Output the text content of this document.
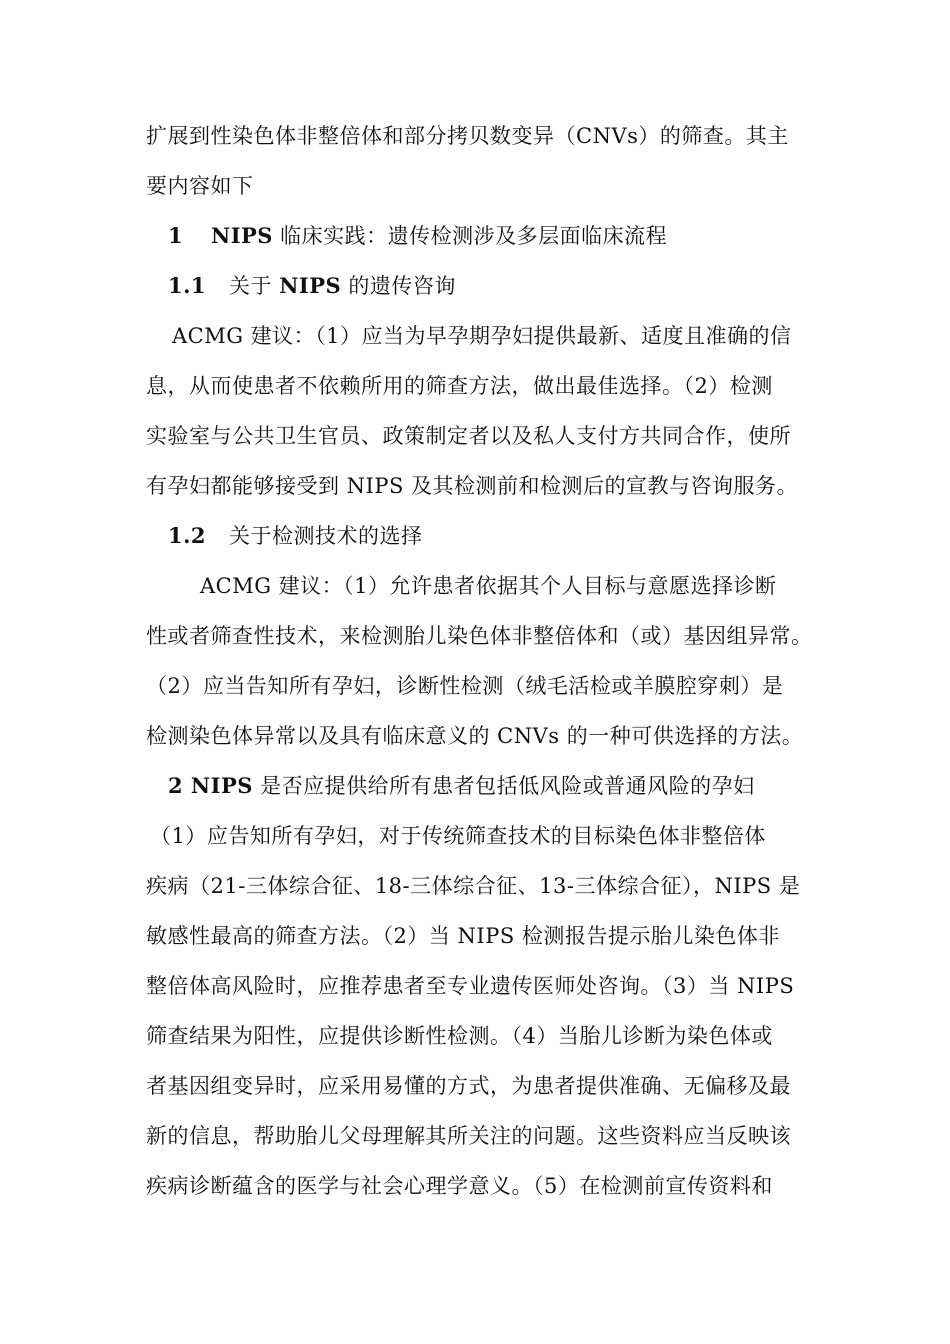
扩展到性染色体非整倍体和部分拷贝数变异（CNVs）的筛查。其主
要内容如下
1 NIPS 临床实践：遗传检测涉及多层面临床流程
1.1 关于 NIPS 的遗传咨询
ACMG 建议：（1）应当为早孕期孕妇提供最新、适度且准确的信
息，从而使患者不依赖所用的筛查方法，做出最佳选择。（2）检测
实验室与公共卫生官员、政策制定者以及私人支付方共同合作，使所
有孕妇都能够接受到 NIPS 及其检测前和检测后的宣教与咨询服务。
1.2 关于检测技术的选择
ACMG 建议：（1）允许患者依据其个人目标与意愿选择诊断
性或者筛查性技术，来检测胎儿染色体非整倍体和（或）基因组异常。
（2）应当告知所有孕妇，诊断性检测（绒毛活检或羊膜腔穿刺）是
检测染色体异常以及具有临床意义的 CNVs 的一种可供选择的方法。
2 NIPS 是否应提供给所有患者包括低风险或普通风险的孕妇
（1）应告知所有孕妇，对于传统筛查技术的目标染色体非整倍体
疾病（21-三体综合征、18-三体综合征、13-三体综合征），NIPS 是
敏感性最高的筛查方法。（2）当 NIPS 检测报告提示胎儿染色体非
整倍体高风险时，应推荐患者至专业遗传医师处咨询。（3）当 NIPS
筛查结果为阳性，应提供诊断性检测。（4）当胎儿诊断为染色体或
者基因组变异时，应采用易懂的方式，为患者提供准确、无偏移及最
新的信息，帮助胎儿父母理解其所关注的问题。这些资料应当反映该
疾病诊断蕴含的医学与社会心理学意义。（5）在检测前宣传资料和
